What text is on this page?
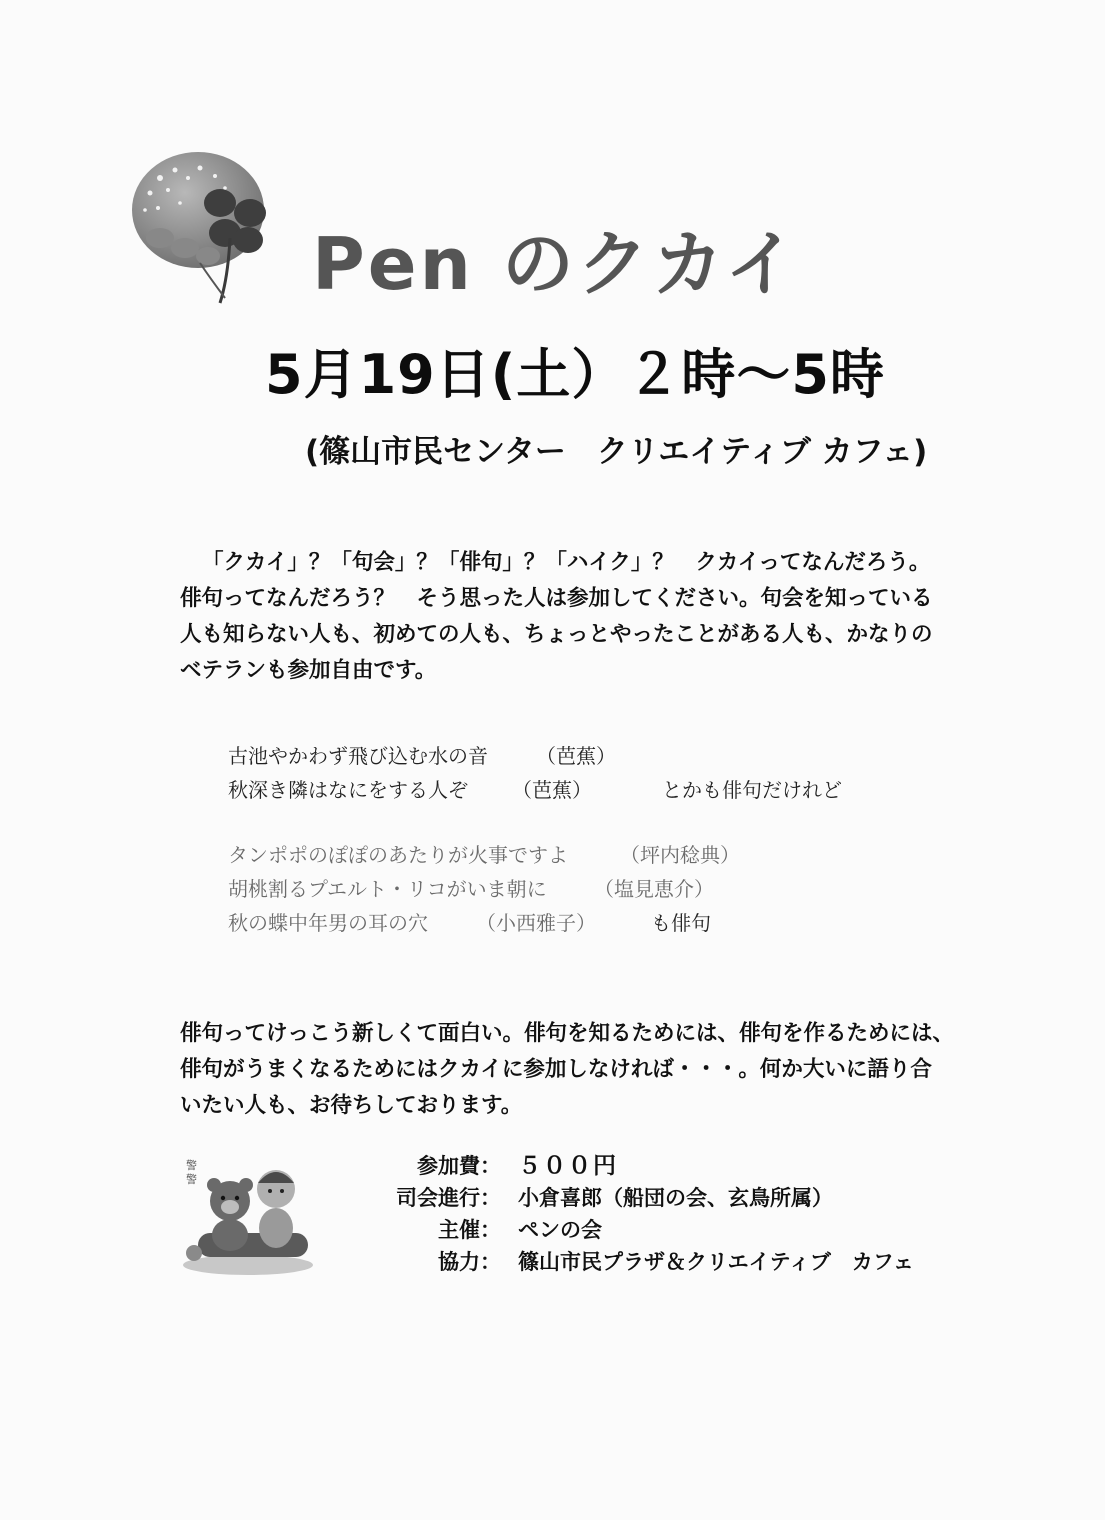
Pen のクカイ
5月19日(土）２時〜5時
(篠山市民センター　クリエイティブ カフェ)
「クカイ」？「句会」？「俳句」？「ハイク」？　クカイってなんだろう。
俳句ってなんだろう？　そう思った人は参加してください。句会を知っている
人も知らない人も、初めての人も、ちょっとやったことがある人も、かなりの
ベテランも参加自由です。
古池やかわず飛び込む水の音 （芭蕉）
秋深き隣はなにをする人ぞ （芭蕉）	とかも俳句だけれど
タンポポのぽぽのあたりが火事ですよ	（坪内稔典）
胡桃割るプエルト・リコがいま朝に （塩見恵介）
秋の蝶中年男の耳の穴 （小西雅子）	も俳句
俳句ってけっこう新しくて面白い。俳句を知るためには、俳句を作るためには、
俳句がうまくなるためにはクカイに参加しなければ・・・。何か大いに語り合
いたい人も、お待ちしております。
警
警
参加費 ： ５００円
司会進行 ： 小倉喜郎（船団の会、玄鳥所属）
主催 ： ペンの会
協力 ： 篠山市民プラザ＆クリエイティブ　カフェ
